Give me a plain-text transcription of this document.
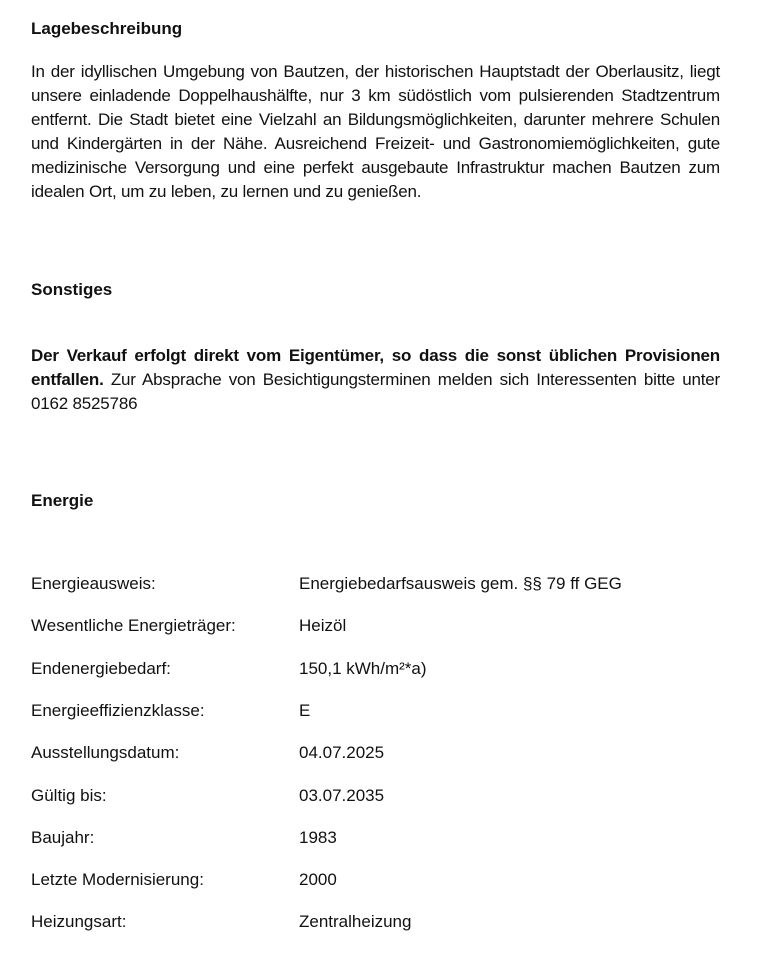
Lagebeschreibung
In der idyllischen Umgebung von Bautzen, der historischen Hauptstadt der Oberlausitz, liegt unsere einladende Doppelhaushälfte, nur 3 km südöstlich vom pulsierenden Stadtzentrum entfernt. Die Stadt bietet eine Vielzahl an Bildungsmöglichkeiten, darunter mehrere Schulen und Kindergärten in der Nähe. Ausreichend Freizeit- und Gastronomiemöglichkeiten, gute medizinische Versorgung und eine perfekt ausgebaute Infrastruktur machen Bautzen zum idealen Ort, um zu leben, zu lernen und zu genießen.
Sonstiges
Der Verkauf erfolgt direkt vom Eigentümer, so dass die sonst üblichen Provisionen entfallen. Zur Absprache von Besichtigungsterminen melden sich Interessenten bitte unter 0162 8525786
Energie
Energieausweis:	Energiebedarfsausweis gem. §§ 79 ff GEG
Wesentliche Energieträger:	Heizöl
Endenergiebedarf:	150,1 kWh/m²*a)
Energieeffizienzklasse:	E
Ausstellungsdatum:	04.07.2025
Gültig bis:	03.07.2035
Baujahr:	1983
Letzte Modernisierung:	2000
Heizungsart:	Zentralheizung
